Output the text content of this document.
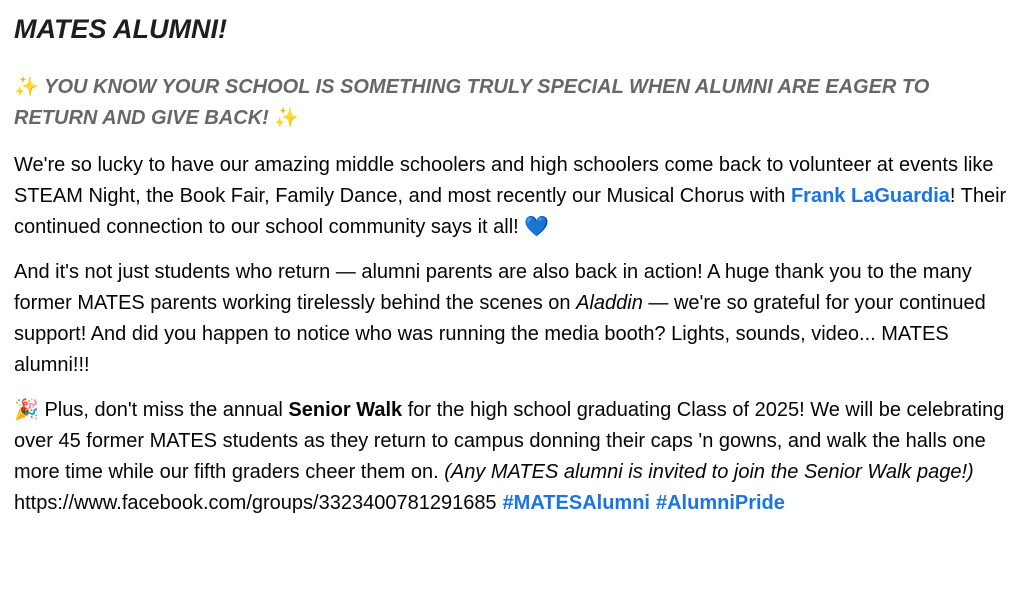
MATES ALUMNI!

✨ YOU KNOW YOUR SCHOOL IS SOMETHING TRULY SPECIAL WHEN ALUMNI ARE EAGER TO RETURN AND GIVE BACK! ✨

We're so lucky to have our amazing middle schoolers and high schoolers come back to volunteer at events like STEAM Night, the Book Fair, Family Dance, and most recently our Musical Chorus with Frank LaGuardia! Their continued connection to our school community says it all! 💙

And it's not just students who return — alumni parents are also back in action! A huge thank you to the many former MATES parents working tirelessly behind the scenes on Aladdin — we're so grateful for your continued support! And did you happen to notice who was running the media booth? Lights, sounds, video... MATES alumni!!!

🎉 Plus, don't miss the annual Senior Walk for the high school graduating Class of 2025! We will be celebrating over 45 former MATES students as they return to campus donning their caps 'n gowns, and walk the halls one more time while our fifth graders cheer them on. (Any MATES alumni is invited to join the Senior Walk page!)
https://www.facebook.com/groups/3323400781291685 #MATESAlumni #AlumniPride
